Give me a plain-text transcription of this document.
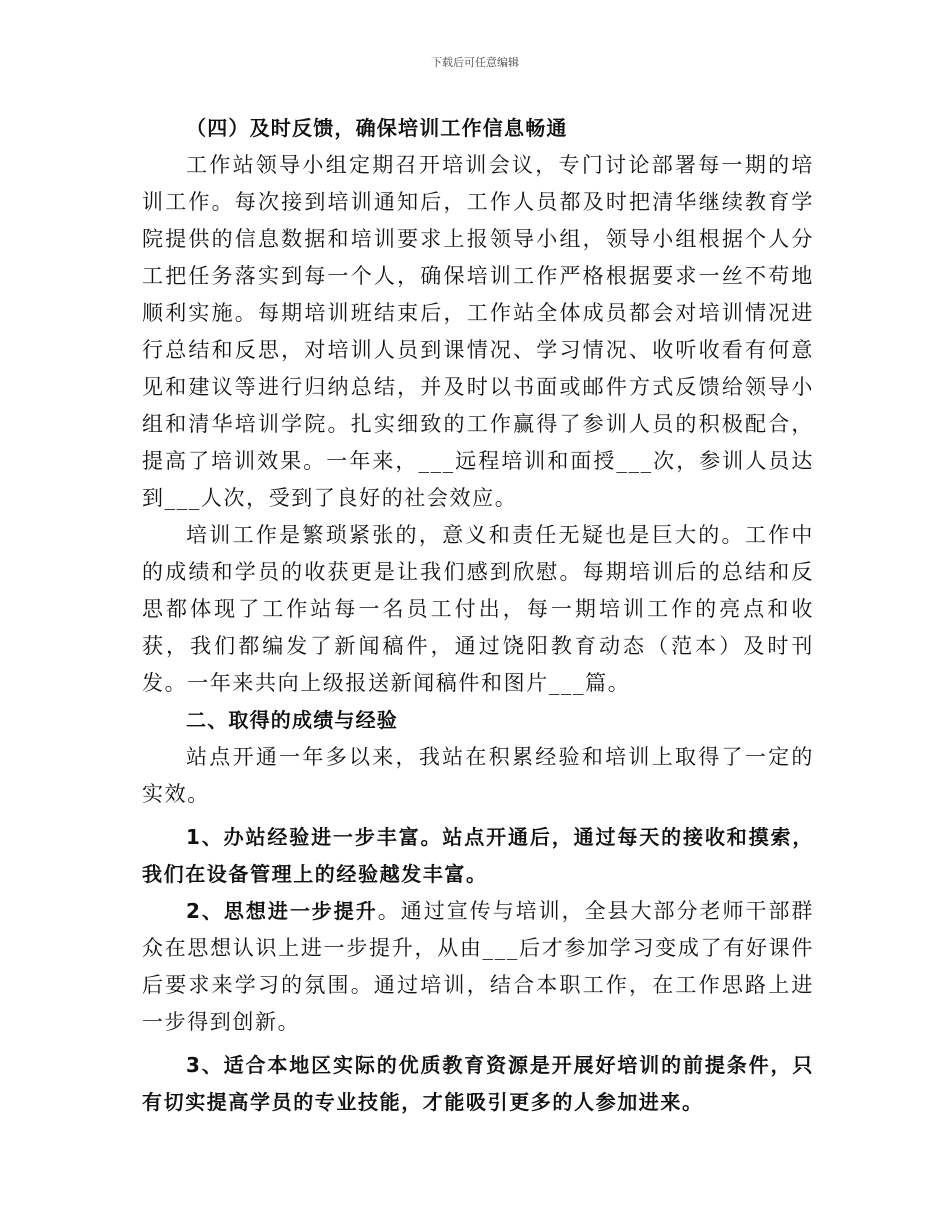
下载后可任意编辑

（四）及时反馈，确保培训工作信息畅通

工作站领导小组定期召开培训会议，专门讨论部署每一期的培训工作。每次接到培训通知后，工作人员都及时把清华继续教育学院提供的信息数据和培训要求上报领导小组，领导小组根据个人分工把任务落实到每一个人，确保培训工作严格根据要求一丝不苟地顺利实施。每期培训班结束后，工作站全体成员都会对培训情况进行总结和反思，对培训人员到课情况、学习情况、收听收看有何意见和建议等进行归纳总结，并及时以书面或邮件方式反馈给领导小组和清华培训学院。扎实细致的工作赢得了参训人员的积极配合，提高了培训效果。一年来，___远程培训和面授___次，参训人员达到___人次，受到了良好的社会效应。

培训工作是繁琐紧张的，意义和责任无疑也是巨大的。工作中的成绩和学员的收获更是让我们感到欣慰。每期培训后的总结和反思都体现了工作站每一名员工付出，每一期培训工作的亮点和收获，我们都编发了新闻稿件，通过饶阳教育动态（范本）及时刊发。一年来共向上级报送新闻稿件和图片___篇。

二、取得的成绩与经验

站点开通一年多以来，我站在积累经验和培训上取得了一定的实效。

1、办站经验进一步丰富。站点开通后，通过每天的接收和摸索，我们在设备管理上的经验越发丰富。

2、思想进一步提升。通过宣传与培训，全县大部分老师干部群众在思想认识上进一步提升，从由___后才参加学习变成了有好课件后要求来学习的氛围。通过培训，结合本职工作，在工作思路上进一步得到创新。

3、适合本地区实际的优质教育资源是开展好培训的前提条件，只有切实提高学员的专业技能，才能吸引更多的人参加进来。
